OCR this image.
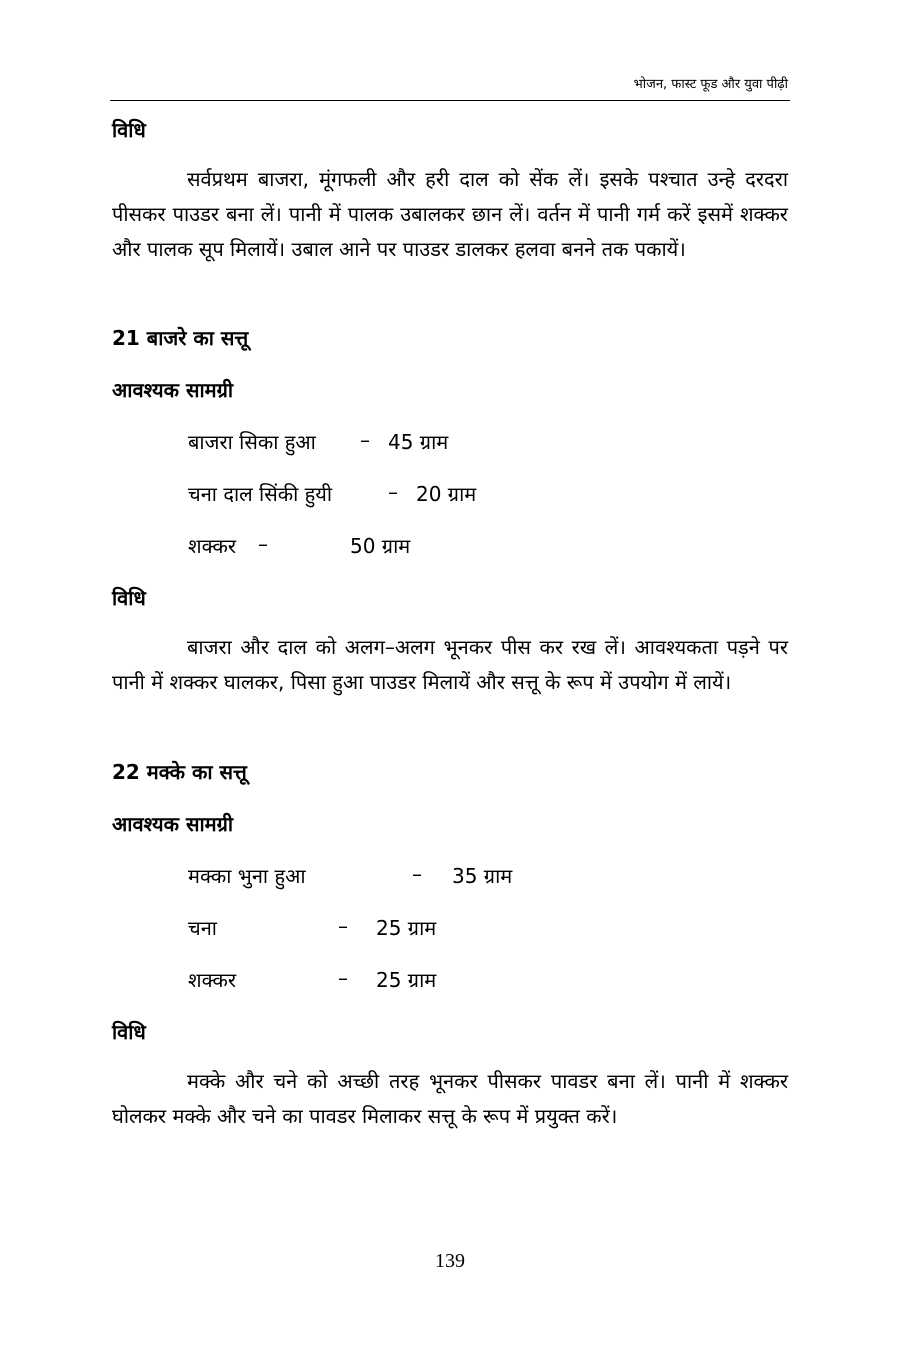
भोजन, फास्ट फूड और युवा पीढ़ी
विधि

सर्वप्रथम बाजरा, मूंगफली और हरी दाल को सेंक लें। इसके पश्चात उन्हे दरदरा पीसकर पाउडर बना लें। पानी में पालक उबालकर छान लें। वर्तन में पानी गर्म करें इसमें शक्कर और पालक सूप मिलायें। उबाल आने पर पाउडर डालकर हलवा बनने तक पकायें।

21 बाजरे का सत्तू
आवश्यक सामग्री
बाजरा सिका हुआ – 45 ग्राम
चना दाल सिंकी हुयी	– 20 ग्राम
शक्कर –	50 ग्राम
विधि

बाजरा और दाल को अलग–अलग भूनकर पीस कर रख लें। आवश्यकता पड़ने पर पानी में शक्कर घालकर, पिसा हुआ पाउडर मिलायें और सत्तू के रूप में उपयोग में लायें।

22 मक्के का सत्तू
आवश्यक सामग्री
मक्का भुना हुआ	– 35 ग्राम
चना	– 25 ग्राम
शक्कर	– 25 ग्राम
विधि

मक्के और चने को अच्छी तरह भूनकर पीसकर पावडर बना लें। पानी में शक्कर घोलकर मक्के और चने का पावडर मिलाकर सत्तू के रूप में प्रयुक्त करें।

139
